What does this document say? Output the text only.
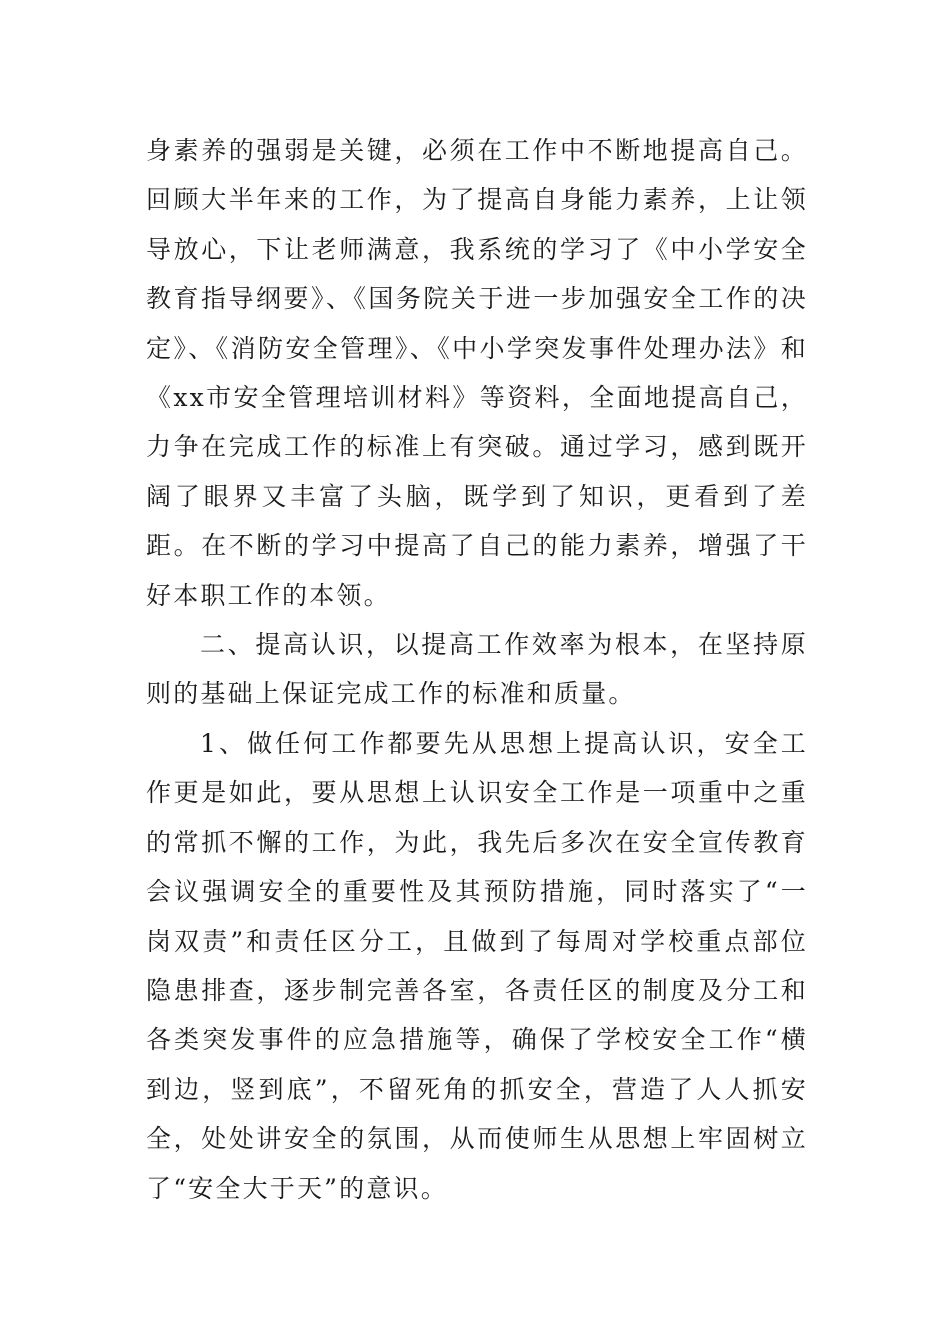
身素养的强弱是关键，必须在工作中不断地提高自己。回顾大半年来的工作，为了提高自身能力素养，上让领导放心，下让老师满意，我系统的学习了《中小学安全教育指导纲要》、《国务院关于进一步加强安全工作的决定》、《消防安全管理》、《中小学突发事件处理办法》和《xx市安全管理培训材料》等资料，全面地提高自己，力争在完成工作的标准上有突破。通过学习，感到既开阔了眼界又丰富了头脑，既学到了知识，更看到了差距。在不断的学习中提高了自己的能力素养，增强了干好本职工作的本领。

二、提高认识，以提高工作效率为根本，在坚持原则的基础上保证完成工作的标准和质量。

1、做任何工作都要先从思想上提高认识，安全工作更是如此，要从思想上认识安全工作是一项重中之重的常抓不懈的工作，为此，我先后多次在安全宣传教育会议强调安全的重要性及其预防措施，同时落实了“一岗双责”和责任区分工，且做到了每周对学校重点部位隐患排查，逐步制完善各室，各责任区的制度及分工和各类突发事件的应急措施等，确保了学校安全工作“横到边，竖到底”，不留死角的抓安全，营造了人人抓安全，处处讲安全的氛围，从而使师生从思想上牢固树立了“安全大于天”的意识。
